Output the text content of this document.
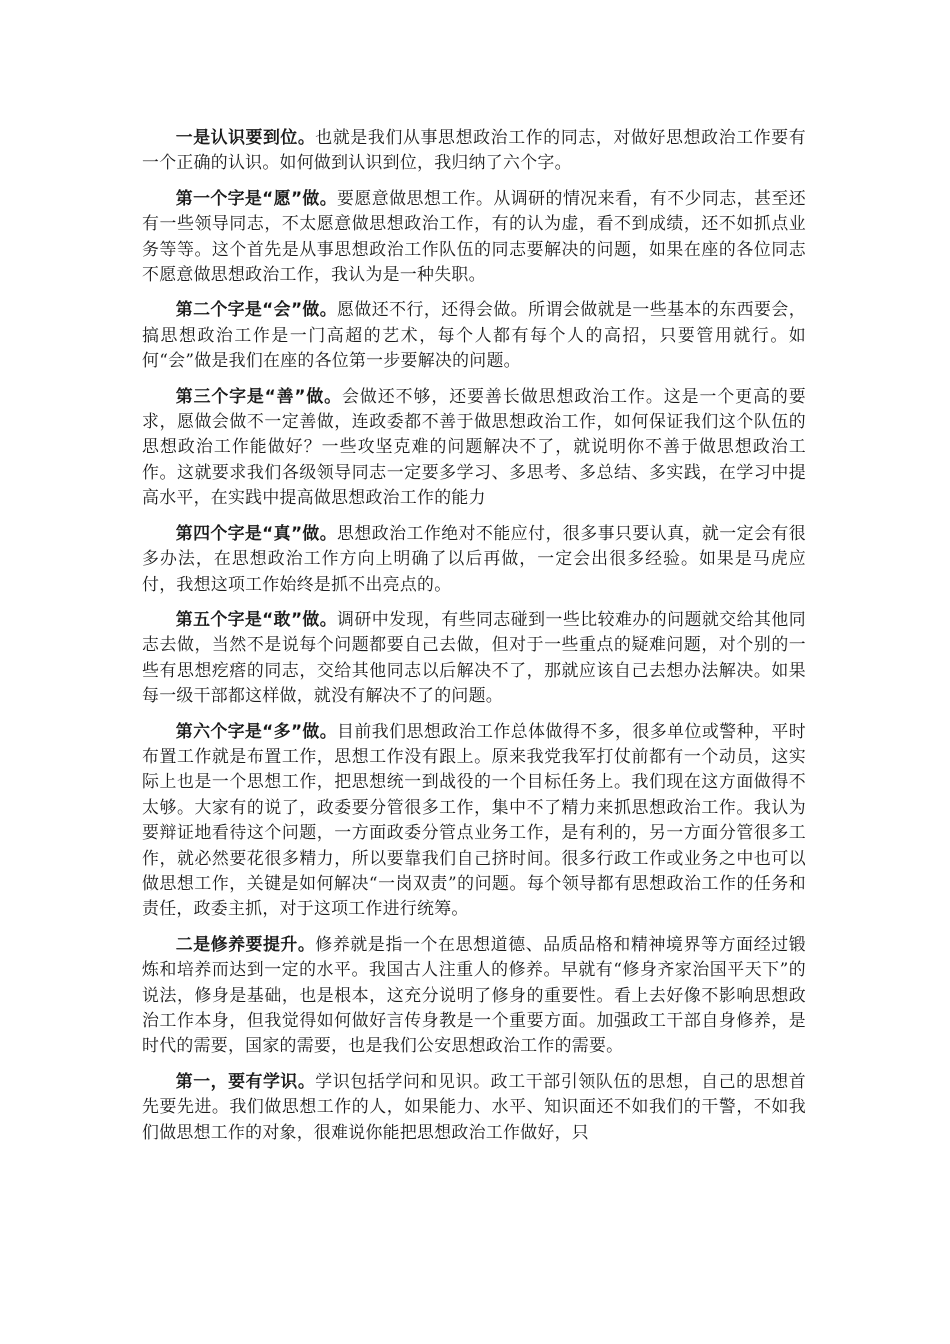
一是认识要到位。也就是我们从事思想政治工作的同志，对做好思想政治工作要有一个正确的认识。如何做到认识到位，我归纳了六个字。

第一个字是“愿”做。要愿意做思想工作。从调研的情况来看，有不少同志，甚至还有一些领导同志，不太愿意做思想政治工作，有的认为虚，看不到成绩，还不如抓点业务等等。这个首先是从事思想政治工作队伍的同志要解决的问题，如果在座的各位同志不愿意做思想政治工作，我认为是一种失职。

第二个字是“会”做。愿做还不行，还得会做。所谓会做就是一些基本的东西要会，搞思想政治工作是一门高超的艺术，每个人都有每个人的高招，只要管用就行。如何“会”做是我们在座的各位第一步要解决的问题。

第三个字是“善”做。会做还不够，还要善长做思想政治工作。这是一个更高的要求，愿做会做不一定善做，连政委都不善于做思想政治工作，如何保证我们这个队伍的思想政治工作能做好？一些攻坚克难的问题解决不了，就说明你不善于做思想政治工作。这就要求我们各级领导同志一定要多学习、多思考、多总结、多实践，在学习中提高水平，在实践中提高做思想政治工作的能力

第四个字是“真”做。思想政治工作绝对不能应付，很多事只要认真，就一定会有很多办法，在思想政治工作方向上明确了以后再做，一定会出很多经验。如果是马虎应付，我想这项工作始终是抓不出亮点的。

第五个字是“敢”做。调研中发现，有些同志碰到一些比较难办的问题就交给其他同志去做，当然不是说每个问题都要自己去做，但对于一些重点的疑难问题，对个别的一些有思想疙瘩的同志，交给其他同志以后解决不了，那就应该自己去想办法解决。如果每一级干部都这样做，就没有解决不了的问题。

第六个字是“多”做。目前我们思想政治工作总体做得不多，很多单位或警种，平时布置工作就是布置工作，思想工作没有跟上。原来我党我军打仗前都有一个动员，这实际上也是一个思想工作，把思想统一到战役的一个目标任务上。我们现在这方面做得不太够。大家有的说了，政委要分管很多工作，集中不了精力来抓思想政治工作。我认为要辩证地看待这个问题，一方面政委分管点业务工作，是有利的，另一方面分管很多工作，就必然要花很多精力，所以要靠我们自己挤时间。很多行政工作或业务之中也可以做思想工作，关键是如何解决“一岗双责”的问题。每个领导都有思想政治工作的任务和责任，政委主抓，对于这项工作进行统筹。

二是修养要提升。修养就是指一个在思想道德、品质品格和精神境界等方面经过锻炼和培养而达到一定的水平。我国古人注重人的修养。早就有“修身齐家治国平天下”的说法，修身是基础，也是根本，这充分说明了修身的重要性。看上去好像不影响思想政治工作本身，但我觉得如何做好言传身教是一个重要方面。加强政工干部自身修养，是时代的需要，国家的需要，也是我们公安思想政治工作的需要。

第一，要有学识。学识包括学问和见识。政工干部引领队伍的思想，自己的思想首先要先进。我们做思想工作的人，如果能力、水平、知识面还不如我们的干警，不如我们做思想工作的对象，很难说你能把思想政治工作做好，只
